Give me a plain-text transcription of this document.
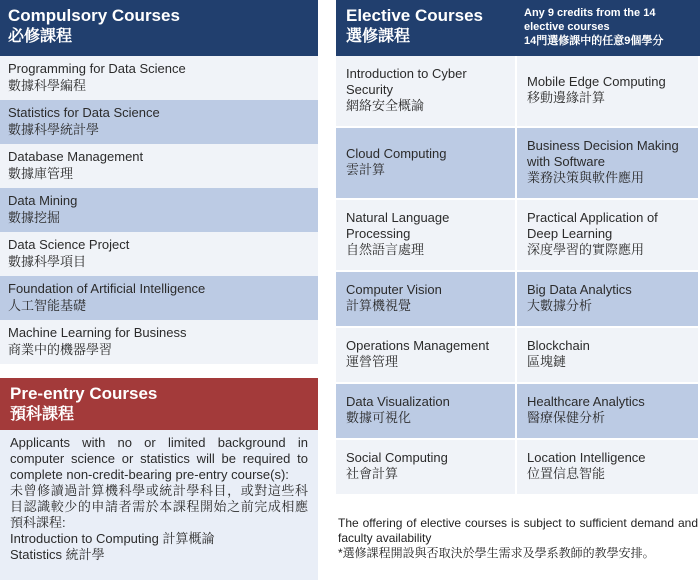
Compulsory Courses
必修課程
Programming for Data Science
數據科學編程
Statistics for Data Science
數據科學統計學
Database Management
數據庫管理
Data Mining
數據挖掘
Data Science Project
數據科學項目
Foundation of Artificial Intelligence
人工智能基礎
Machine Learning for Business
商業中的機器學習
Pre-entry Courses
預科課程
Applicants with no or limited background in computer science or statistics will be required to complete non-credit-bearing pre-entry course(s):
未曾修讀過計算機科學或統計學科目，或對這些科目認識較少的申請者需於本課程開始之前完成相應預科課程:
Introduction to Computing 計算概論
Statistics 統計學
Elective Courses
選修課程
Any 9 credits from the 14 elective courses
14門選修課中的任意9個學分
Introduction to Cyber Security
網絡安全概論
Mobile Edge Computing
移動邊緣計算
Cloud Computing
雲計算
Business Decision Making with Software
業務決策與軟件應用
Natural Language Processing
自然語言處理
Practical Application of Deep Learning
深度學習的實際應用
Computer Vision
計算機視覺
Big Data Analytics
大數據分析
Operations Management
運營管理
Blockchain
區塊鏈
Data Visualization
數據可視化
Healthcare Analytics
醫療保健分析
Social Computing
社會計算
Location Intelligence
位置信息智能
The offering of elective courses is subject to sufficient demand and faculty availability
*選修課程開設與否取決於學生需求及學系教師的教學安排。
